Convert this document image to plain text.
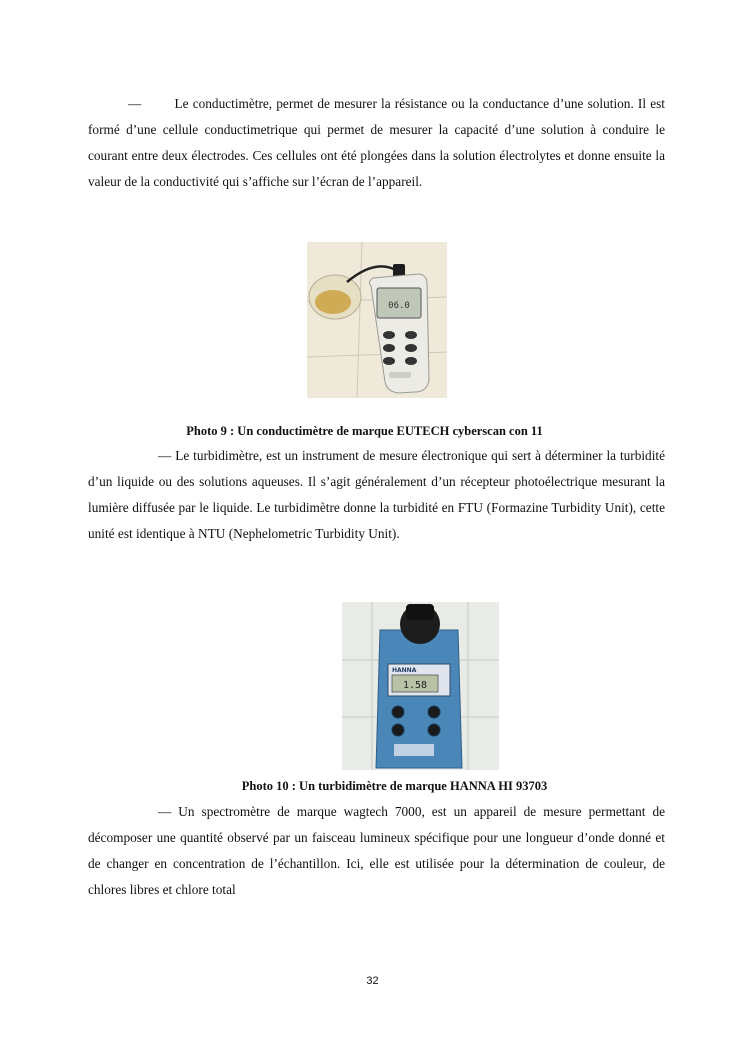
—        Le conductimètre, permet de mesurer la résistance ou la conductance d’une solution. Il est formé d’une cellule conductimetrique qui permet de mesurer la capacité d’une solution à conduire le courant entre deux électrodes. Ces cellules ont été plongées dans la solution électrolytes et donne ensuite la valeur de la conductivité qui s’affiche sur l’écran de l’appareil.

06.0

Photo 9 : Un conductimètre de marque EUTECH cyberscan con 11

— Le turbidimètre, est un instrument de mesure électronique qui sert à déterminer la turbidité d’un liquide ou des solutions aqueuses. Il s’agit généralement d’un récepteur photoélectrique mesurant la lumière diffusée par le liquide. Le turbidimètre donne la turbidité en FTU (Formazine Turbidity Unit), cette unité est identique à NTU (Nephelometric Turbidity Unit).

HANNA
1.58

Photo 10 : Un turbidimètre de marque HANNA HI 93703

— Un spectromètre de marque wagtech 7000, est un appareil de mesure permettant de décomposer une quantité observé par un faisceau lumineux spécifique pour une longueur d’onde donné et de changer en concentration de l’échantillon. Ici, elle est utilisée pour la détermination de couleur, de chlores libres et chlore total

32
